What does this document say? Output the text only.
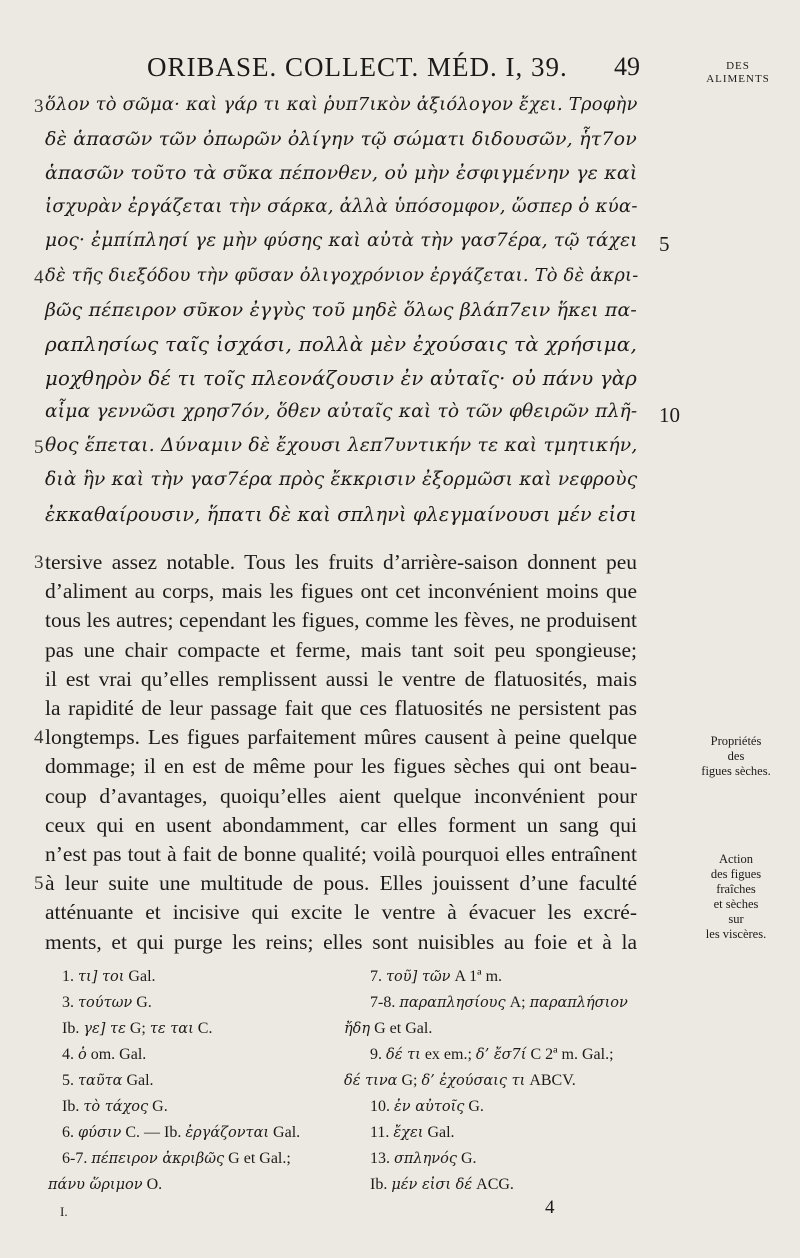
ORIBASE. COLLECT. MÉD. I, 39. 49	DES
ALIMENTS
3 ὅλον τὸ σῶμα· καὶ γάρ τι καὶ ῥυπ7ικὸν ἀξιόλογον ἔχει. Τροφὴν
δὲ ἁπασῶν τῶν ὀπωρῶν ὀλίγην τῷ σώματι διδουσῶν, ἧτ7ον
ἁπασῶν τοῦτο τὰ σῦκα πέπονθεν, οὐ μὴν ἐσφιγμένην γε καὶ
ἰσχυρὰν ἐργάζεται τὴν σάρκα, ἀλλὰ ὑπόσομφον, ὥσπερ ὁ κύα-
μος· ἐμπίπλησί γε μὴν φύσης καὶ αὐτὰ τὴν γασ7έρα, τῷ τάχει 5
4 δὲ τῆς διεξόδου τὴν φῦσαν ὀλιγοχρόνιον ἐργάζεται. Τὸ δὲ ἀκρι-
βῶς πέπειρον σῦκον ἐγγὺς τοῦ μηδὲ ὅλως βλάπ7ειν ἥκει πα-
ραπλησίως ταῖς ἰσχάσι, πολλὰ μὲν ἐχούσαις τὰ χρήσιμα,
μοχθηρὸν δέ τι τοῖς πλεονάζουσιν ἐν αὐταῖς· οὐ πάνυ γὰρ
αἷμα γεννῶσι χρησ7όν, ὅθεν αὐταῖς καὶ τὸ τῶν φθειρῶν πλῆ- 10
5 θος ἕπεται. Δύναμιν δὲ ἔχουσι λεπ7υντικήν τε καὶ τμητικήν,
διὰ ἣν καὶ τὴν γασ7έρα πρὸς ἔκκρισιν ἐξορμῶσι καὶ νεφροὺς
ἐκκαθαίρουσιν, ἥπατι δὲ καὶ σπληνὶ φλεγμαίνουσι μέν εἰσι
3 tersive assez notable. Tous les fruits d’arrière-saison donnent peu
d’aliment au corps, mais les figues ont cet inconvénient moins que
tous les autres; cependant les figues, comme les fèves, ne produisent
pas une chair compacte et ferme, mais tant soit peu spongieuse;
il est vrai qu’elles remplissent aussi le ventre de flatuosités, mais
la rapidité de leur passage fait que ces flatuosités ne persistent pas
4 longtemps. Les figues parfaitement mûres causent à peine quelque
dommage; il en est de même pour les figues sèches qui ont beau-
coup d’avantages, quoiqu’elles aient quelque inconvénient pour
ceux qui en usent abondamment, car elles forment un sang qui
n’est pas tout à fait de bonne qualité; voilà pourquoi elles entraînent
5 à leur suite une multitude de pous. Elles jouissent d’une faculté
atténuante et incisive qui excite le ventre à évacuer les excré-
ments, et qui purge les reins; elles sont nuisibles au foie et à la
Propriétés
des
figues sèches.
Action
des figues
fraîches
et sèches
sur
les viscères.
1. τι] τοι Gal.
3. τούτων G.
Ib. γε] τε G; τε ται C.
4. ὁ om. Gal.
5. ταῦτα Gal.
Ib. τὸ τάχος G.
6. φύσιν C. — Ib. ἐργάζονται Gal.
6-7. πέπειρον ἀκριβῶς G et Gal.;
πάνυ ὥριμον O.
7. τοῦ] τῶν A 1ª m.
7-8. παραπλησίους A; παραπλήσιον
ἤδη G et Gal.
9. δέ τι ex em.; δ’ ἔσ7ί C 2ª m. Gal.;
δέ τινα G; δ’ ἐχούσαις τι ABCV.
10. ἐν αὐτοῖς G.
11. ἔχει Gal.
13. σπληνός G.
Ib. μέν εἰσι δέ ACG.
I.	4
